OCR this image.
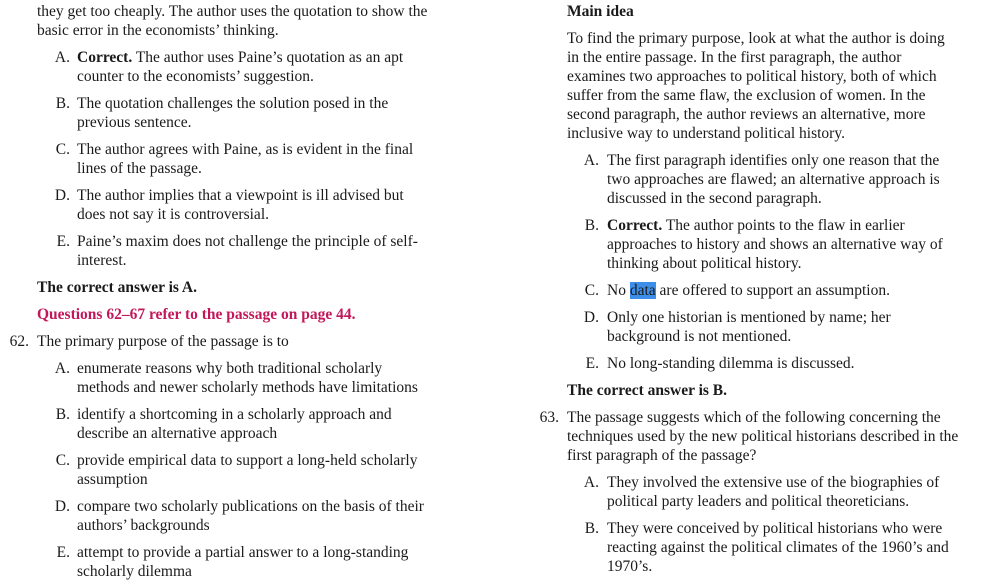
they get too cheaply. The author uses the quotation to show the
basic error in the economists’ thinking.
A. Correct. The author uses Paine’s quotation as an apt
counter to the economists’ suggestion.
B. The quotation challenges the solution posed in the
previous sentence.
C. The author agrees with Paine, as is evident in the final
lines of the passage.
D. The author implies that a viewpoint is ill advised but
does not say it is controversial.
E. Paine’s maxim does not challenge the principle of self-
interest.
The correct answer is A.
Questions 62–67 refer to the passage on page 44.
62. The primary purpose of the passage is to
A. enumerate reasons why both traditional scholarly
methods and newer scholarly methods have limitations
B. identify a shortcoming in a scholarly approach and
describe an alternative approach
C. provide empirical data to support a long-held scholarly
assumption
D. compare two scholarly publications on the basis of their
authors’ backgrounds
E. attempt to provide a partial answer to a long-standing
scholarly dilemma
Main idea
To find the primary purpose, look at what the author is doing
in the entire passage. In the first paragraph, the author
examines two approaches to political history, both of which
suffer from the same flaw, the exclusion of women. In the
second paragraph, the author reviews an alternative, more
inclusive way to understand political history.
A. The first paragraph identifies only one reason that the
two approaches are flawed; an alternative approach is
discussed in the second paragraph.
B. Correct. The author points to the flaw in earlier
approaches to history and shows an alternative way of
thinking about political history.
C. No data are offered to support an assumption.
D. Only one historian is mentioned by name; her
background is not mentioned.
E. No long-standing dilemma is discussed.
The correct answer is B.
63. The passage suggests which of the following concerning the
techniques used by the new political historians described in the
first paragraph of the passage?
A. They involved the extensive use of the biographies of
political party leaders and political theoreticians.
B. They were conceived by political historians who were
reacting against the political climates of the 1960’s and
1970’s.
